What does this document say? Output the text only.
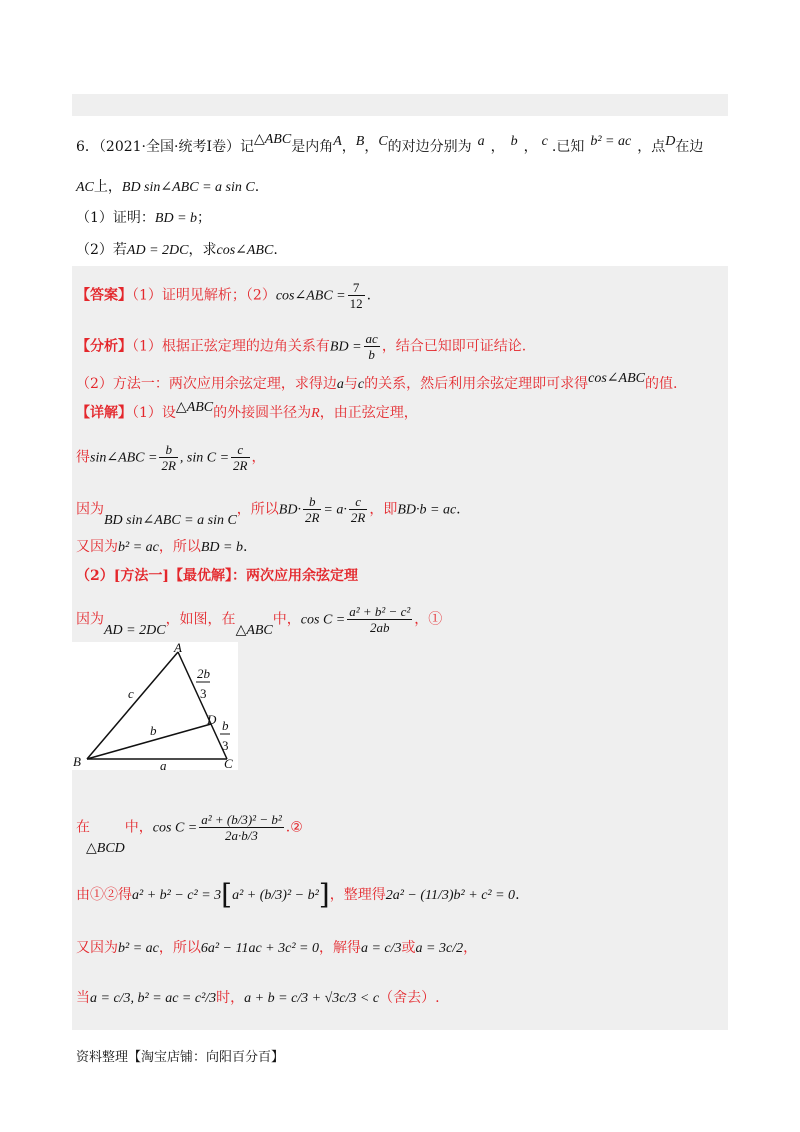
6．（2021·全国·统考Ⅰ卷）记△ABC是内角A，B，C的对边分别为 a ， b ， c .已知 b² = ac ，点D在边
AC上，BD sin∠ABC = a sin C.
（1）证明：BD = b；
（2）若AD = 2DC，求cos∠ABC.
【答案】（1）证明见解析；（2）cos∠ABC = $\frac{7}{12}$ .
【分析】（1）根据正弦定理的边角关系有BD = $\frac{ac}{b}$ ，结合已知即可证结论.
（2）方法一：两次应用余弦定理，求得边a与c的关系，然后利用余弦定理即可求得cos∠ABC的值.
【详解】（1）设△ABC的外接圆半径为R，由正弦定理，
得sin∠ABC = $\frac{b}{2R}$ , $\sin C = \frac{c}{2R}$ ，
因为BD sin∠ABC = a sin C，所以$BD\cdot \frac{b}{2R} = a\cdot \frac{c}{2R}$ ，即BD·b = ac.
又因为b² = ac，所以BD = b.
（2）[方法一]【最优解】：两次应用余弦定理
因为AD = 2DC，如图，在△ABC中，$\cos C = \frac{\text{a² + b² − c²}}{2ab}$ ，①
A
B	C
D
c
b
a
2b
3
b
3
在△BCD中，$\cos C = \frac{\text{a² + (b/3)² − b²}}{2a\cdot b/3}$ .②
由①②得a² + b² − c² = 3[a² + (b/3)² − b²]，整理得2a² − (11/3)b² + c² = 0.
又因为b² = ac，所以6a² − 11ac + 3c² = 0，解得a = c/3或a = 3c/2，
当a = c/3, b² = ac = c²/3时，a + b = c/3 + √3c/3 < c（舍去）.
资料整理【淘宝店铺：向阳百分百】
